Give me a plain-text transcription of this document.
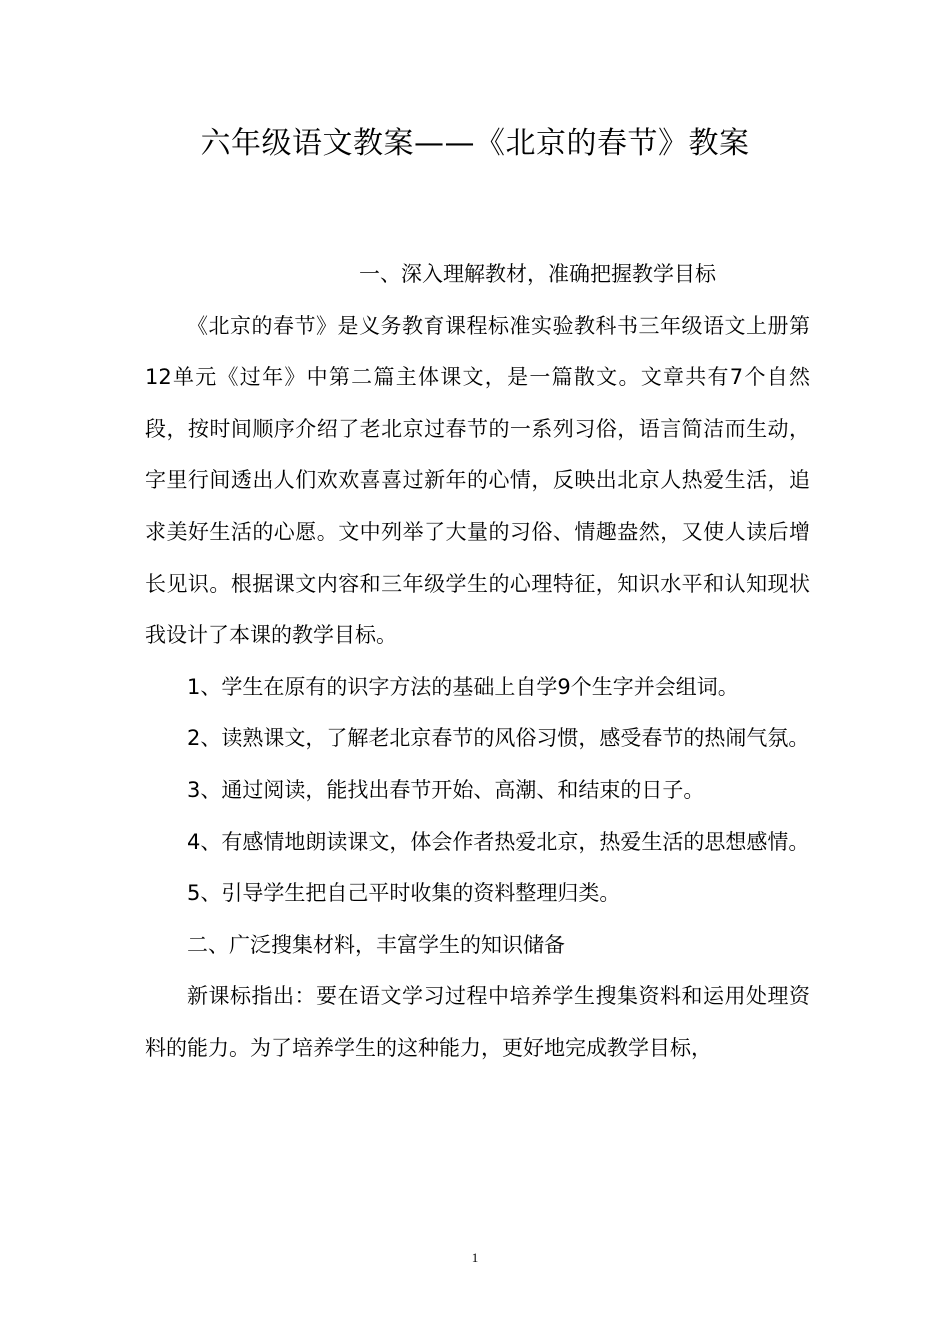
六年级语文教案——《北京的春节》教案

一、深入理解教材，准确把握教学目标

《北京的春节》是义务教育课程标准实验教科书三年级语文上册第12单元《过年》中第二篇主体课文，是一篇散文。文章共有7个自然段，按时间顺序介绍了老北京过春节的一系列习俗，语言简洁而生动，字里行间透出人们欢欢喜喜过新年的心情，反映出北京人热爱生活，追求美好生活的心愿。文中列举了大量的习俗、情趣盎然，又使人读后增长见识。根据课文内容和三年级学生的心理特征，知识水平和认知现状我设计了本课的教学目标。

1、学生在原有的识字方法的基础上自学9个生字并会组词。

2、读熟课文，了解老北京春节的风俗习惯，感受春节的热闹气氛。

3、通过阅读，能找出春节开始、高潮、和结束的日子。

4、有感情地朗读课文，体会作者热爱北京，热爱生活的思想感情。

5、引导学生把自己平时收集的资料整理归类。

二、广泛搜集材料，丰富学生的知识储备

新课标指出：要在语文学习过程中培养学生搜集资料和运用处理资料的能力。为了培养学生的这种能力，更好地完成教学目标，

1
